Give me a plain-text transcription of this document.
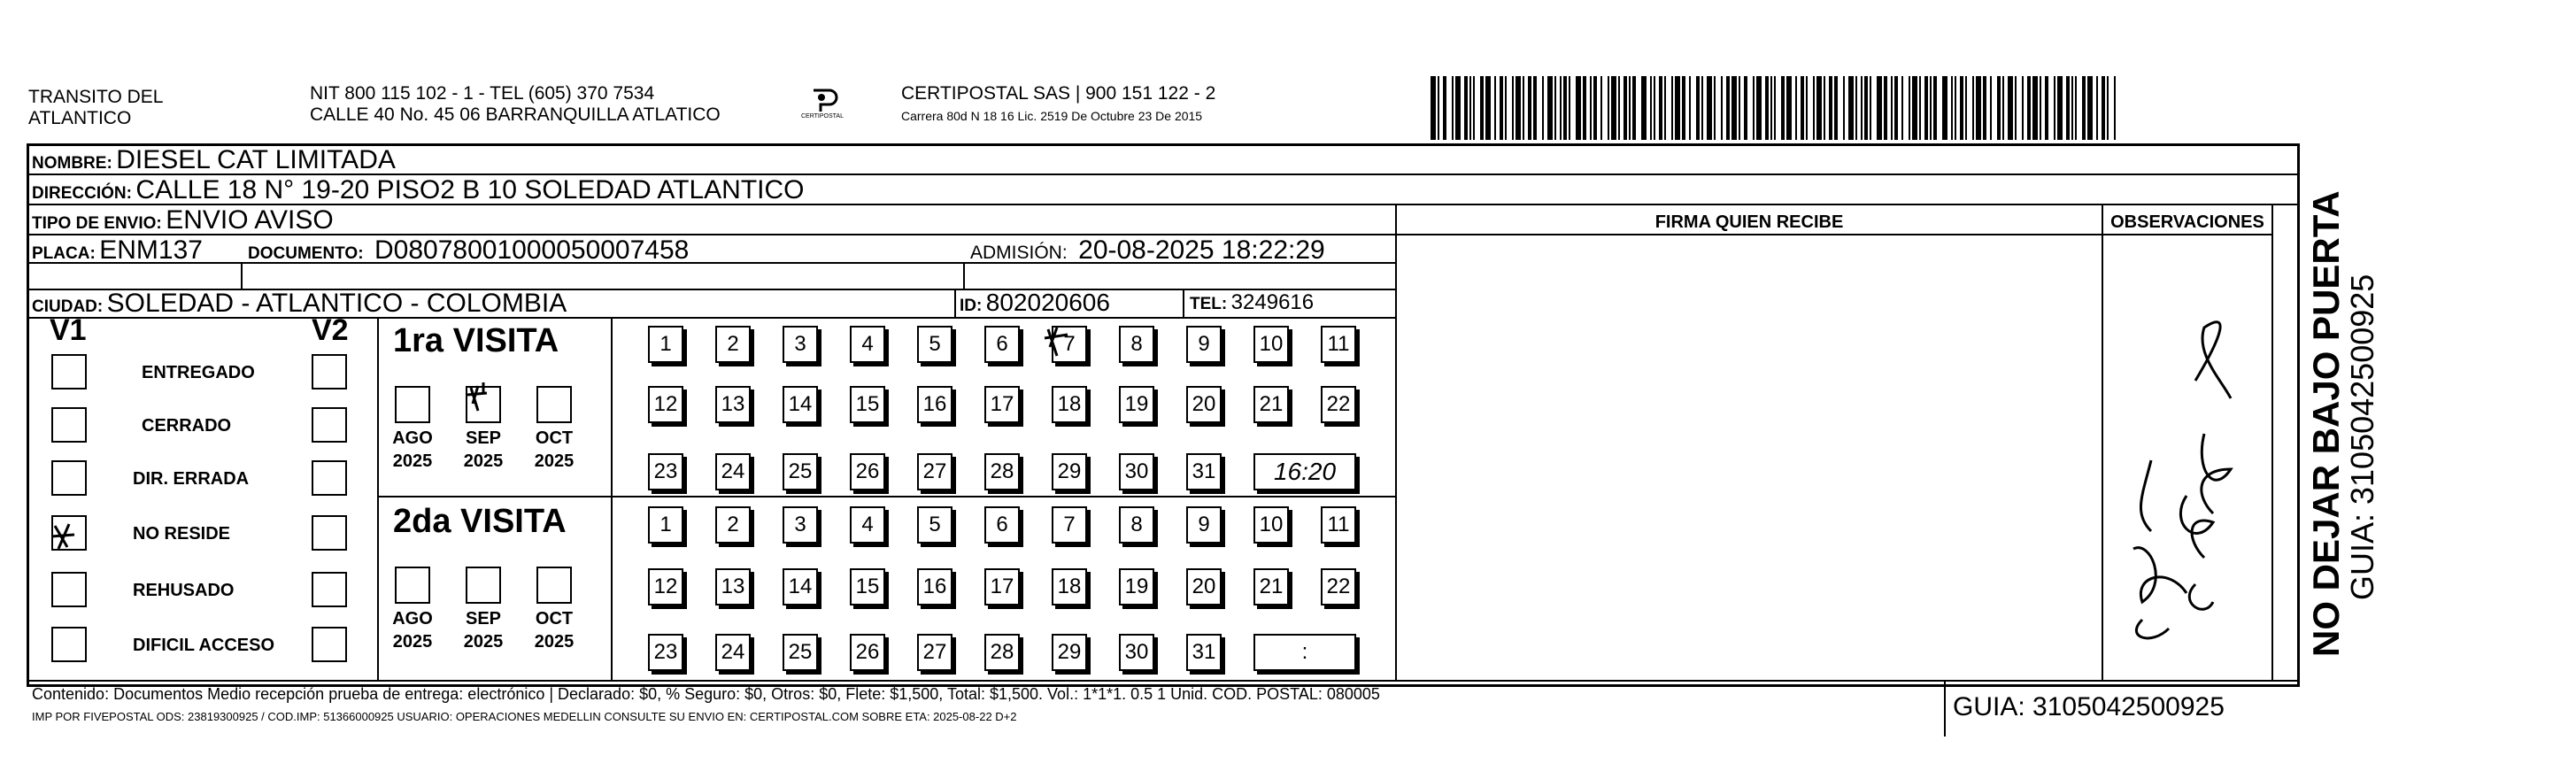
TRANSITO DEL
ATLANTICO
NIT 800 115 102 - 1 - TEL (605) 370 7534
CALLE 40 No. 45 06 BARRANQUILLA ATLATICO	CERTIPOSTAL
CERTIPOSTAL SAS | 900 151 122 - 2
Carrera 80d N 18 16 Lic. 2519 De Octubre 23 De 2015
NOMBRE: DIESEL CAT LIMITADA
DIRECCIÓN: CALLE 18 N° 19-20 PISO2 B 10 SOLEDAD ATLANTICO
TIPO DE ENVIO: ENVIO AVISO
PLACA: ENM137	DOCUMENTO: D08078001000050007458	ADMISIÓN: 20-08-2025 18:22:29
CIUDAD: SOLEDAD - ATLANTICO - COLOMBIA	ID: 802020606	TEL: 3249616
FIRMA QUIEN RECIBE	OBSERVACIONES
V1	V2
ENTREGADO
CERRADO
DIR. ERRADA
NO RESIDE
REHUSADO
DIFICIL ACCESO
1ra VISITA
2da VISITA
1	2	3	4	5	6	7	8	9	10	11
12 13 14 15 16 17 18 19 20 21 22
23 24 25 26 27 28 29 30 31	16:20
AGO
2025
SEP
2025
OCT
2025
1	2	3	4	5	6	7	8	9	10	11
12 13 14 15 16 17 18 19 20 21 22
23 24 25 26 27 28 29 30 31	:
AGO
2025
SEP
2025
OCT
2025
Contenido: Documentos Medio recepción prueba de entrega: electrónico | Declarado: $0, % Seguro: $0, Otros: $0, Flete: $1,500, Total: $1,500. Vol.: 1*1*1. 0.5 1 Unid. COD. POSTAL: 080005
IMP POR FIVEPOSTAL ODS: 23819300925 / COD.IMP: 51366000925 USUARIO: OPERACIONES MEDELLIN CONSULTE SU ENVIO EN: CERTIPOSTAL.COM SOBRE ETA: 2025-08-22 D+2	GUIA: 3105042500925
NO DEJAR BAJO PUERTA
GUIA: 3105042500925
